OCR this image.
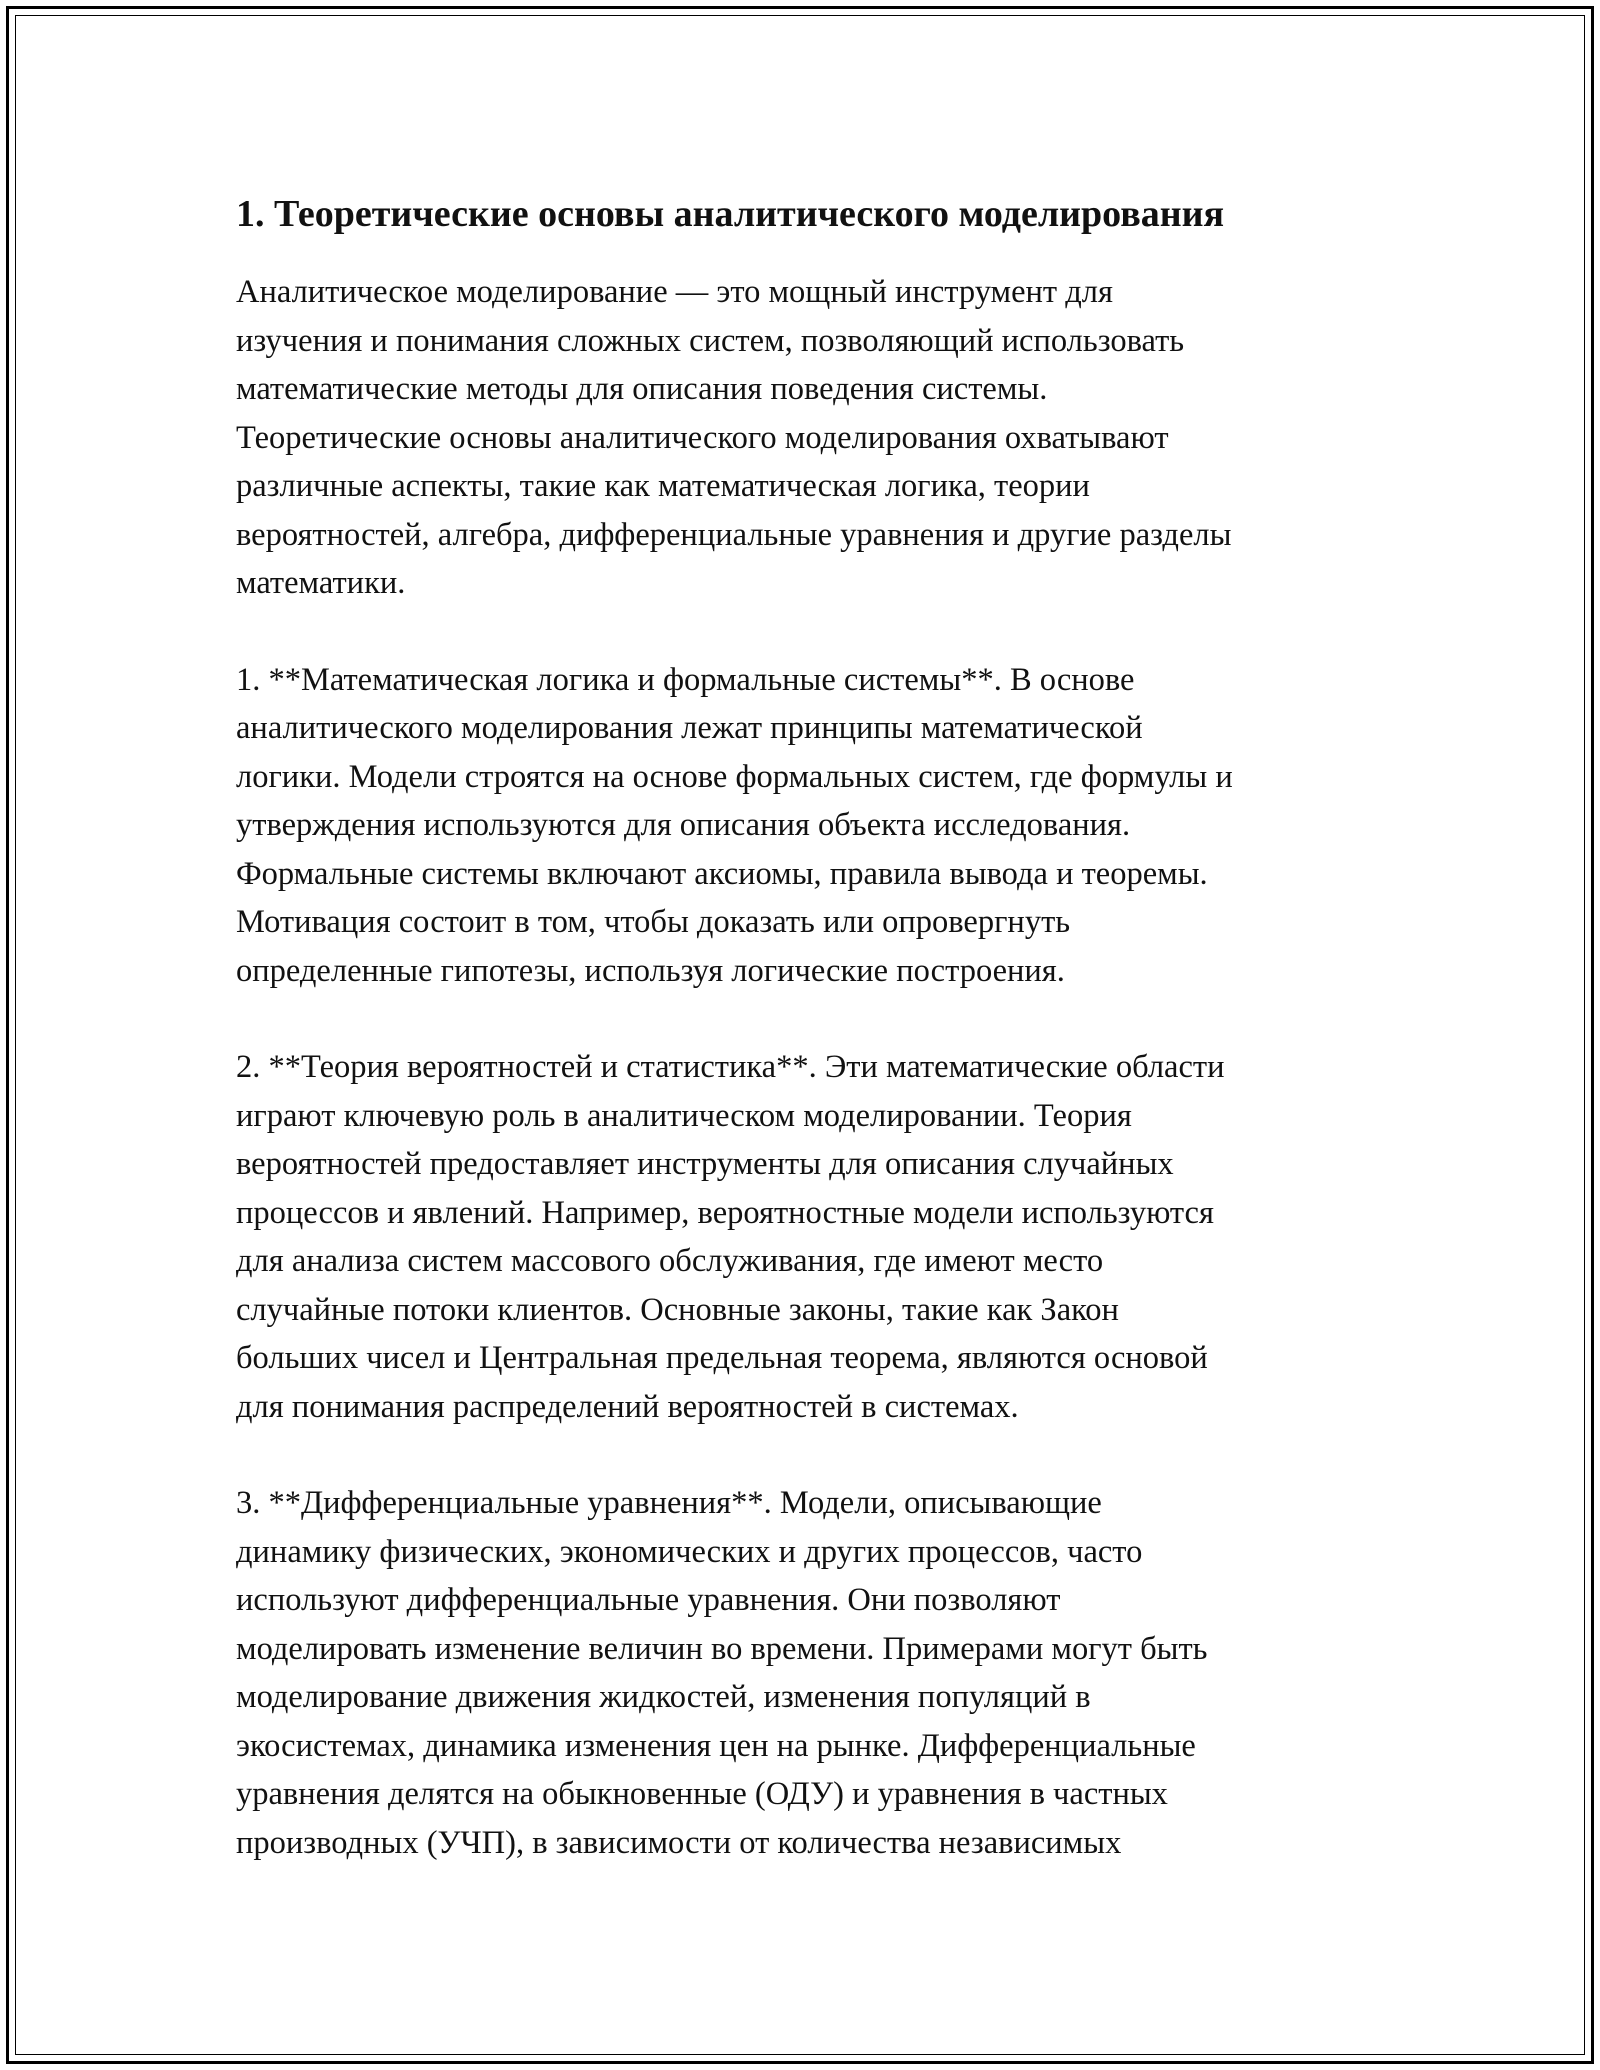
1. Теоретические основы аналитического моделирования
Аналитическое моделирование — это мощный инструмент для
изучения и понимания сложных систем, позволяющий использовать
математические методы для описания поведения системы.
Теоретические основы аналитического моделирования охватывают
различные аспекты, такие как математическая логика, теории
вероятностей, алгебра, дифференциальные уравнения и другие разделы
математики.
1. **Математическая логика и формальные системы**. В основе
аналитического моделирования лежат принципы математической
логики. Модели строятся на основе формальных систем, где формулы и
утверждения используются для описания объекта исследования.
Формальные системы включают аксиомы, правила вывода и теоремы.
Мотивация состоит в том, чтобы доказать или опровергнуть
определенные гипотезы, используя логические построения.
2. **Теория вероятностей и статистика**. Эти математические области
играют ключевую роль в аналитическом моделировании. Теория
вероятностей предоставляет инструменты для описания случайных
процессов и явлений. Например, вероятностные модели используются
для анализа систем массового обслуживания, где имеют место
случайные потоки клиентов. Основные законы, такие как Закон
больших чисел и Центральная предельная теорема, являются основой
для понимания распределений вероятностей в системах.
3. **Дифференциальные уравнения**. Модели, описывающие
динамику физических, экономических и других процессов, часто
используют дифференциальные уравнения. Они позволяют
моделировать изменение величин во времени. Примерами могут быть
моделирование движения жидкостей, изменения популяций в
экосистемах, динамика изменения цен на рынке. Дифференциальные
уравнения делятся на обыкновенные (ОДУ) и уравнения в частных
производных (УЧП), в зависимости от количества независимых
